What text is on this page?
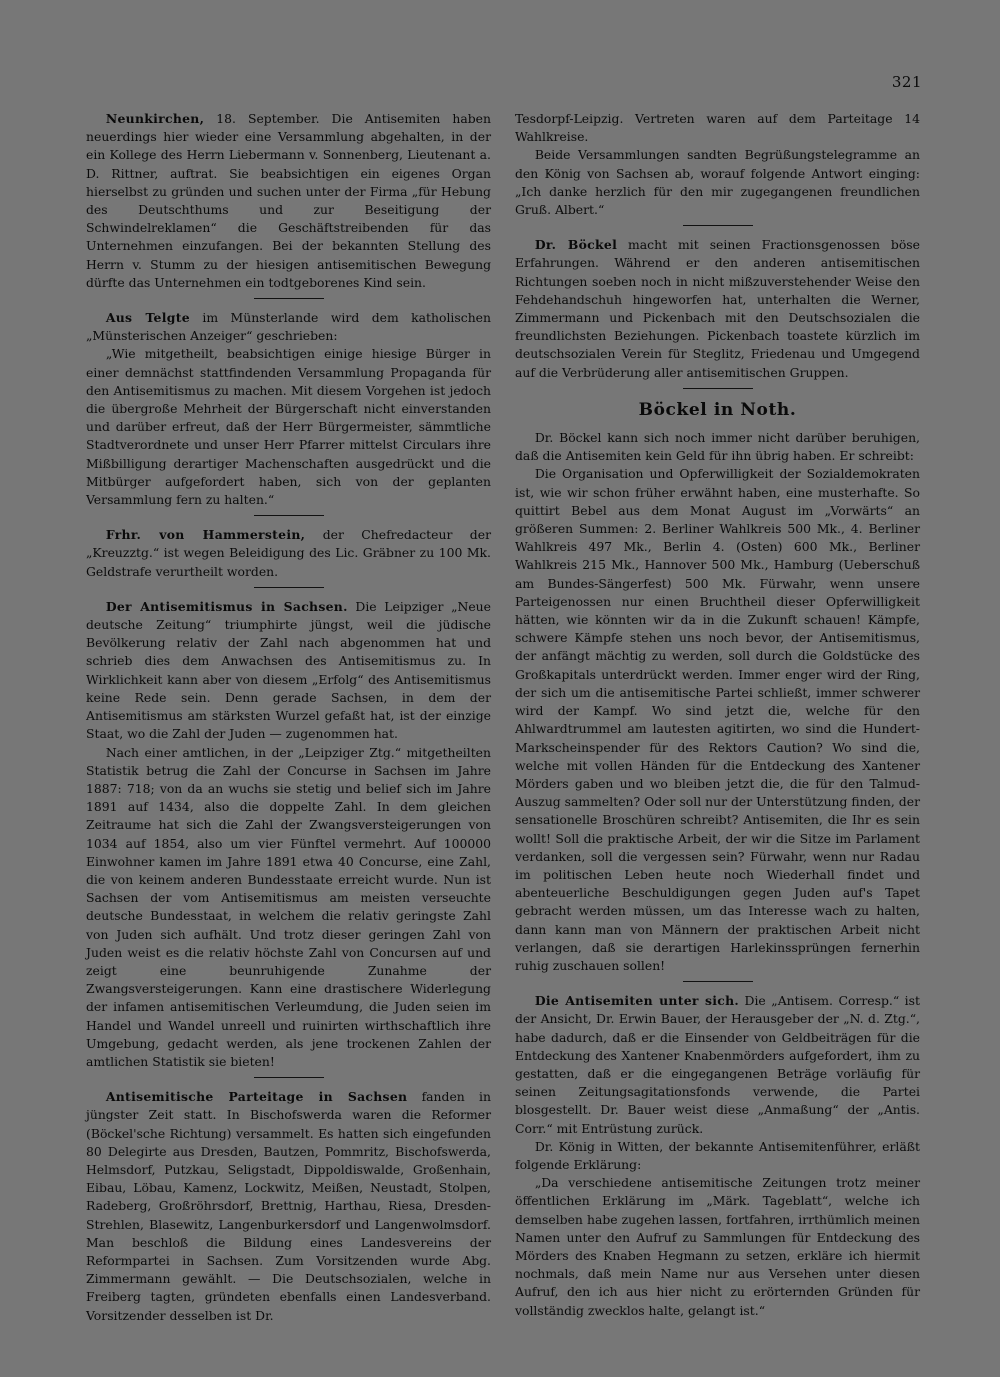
321

Neunkirchen, 18. September. Die Antisemiten haben neuerdings hier wieder eine Versammlung abgehalten, in der ein Kollege des Herrn Liebermann v. Sonnenberg, Lieutenant a. D. Rittner, auftrat. Sie beabsichtigen ein eigenes Organ hierselbst zu gründen und suchen unter der Firma „für Hebung des Deutschthums und zur Beseitigung der Schwindelreklamen“ die Geschäftstreibenden für das Unternehmen einzufangen. Bei der bekannten Stellung des Herrn v. Stumm zu der hiesigen antisemitischen Bewegung dürfte das Unternehmen ein todtgeborenes Kind sein.

Aus Telgte im Münsterlande wird dem katholischen „Münsterischen Anzeiger“ geschrieben:

„Wie mitgetheilt, beabsichtigen einige hiesige Bürger in einer demnächst stattfindenden Versammlung Propaganda für den Antisemitismus zu machen. Mit diesem Vorgehen ist jedoch die übergroße Mehrheit der Bürgerschaft nicht einverstanden und darüber erfreut, daß der Herr Bürgermeister, sämmtliche Stadtverordnete und unser Herr Pfarrer mittelst Circulars ihre Mißbilligung derartiger Machenschaften ausgedrückt und die Mitbürger aufgefordert haben, sich von der geplanten Versammlung fern zu halten.“

Frhr. von Hammerstein, der Chefredacteur der „Kreuzztg.“ ist wegen Beleidigung des Lic. Gräbner zu 100 Mk. Geldstrafe verurtheilt worden.

Der Antisemitismus in Sachsen. Die Leipziger „Neue deutsche Zeitung“ triumphirte jüngst, weil die jüdische Bevölkerung relativ der Zahl nach abgenommen hat und schrieb dies dem Anwachsen des Antisemitismus zu. In Wirklichkeit kann aber von diesem „Erfolg“ des Antisemitismus keine Rede sein. Denn gerade Sachsen, in dem der Antisemitismus am stärksten Wurzel gefaßt hat, ist der einzige Staat, wo die Zahl der Juden — zugenommen hat.

Nach einer amtlichen, in der „Leipziger Ztg.“ mitgetheilten Statistik betrug die Zahl der Concurse in Sachsen im Jahre 1887: 718; von da an wuchs sie stetig und belief sich im Jahre 1891 auf 1434, also die doppelte Zahl. In dem gleichen Zeitraume hat sich die Zahl der Zwangsversteigerungen von 1034 auf 1854, also um vier Fünftel vermehrt. Auf 100000 Einwohner kamen im Jahre 1891 etwa 40 Concurse, eine Zahl, die von keinem anderen Bundesstaate erreicht wurde. Nun ist Sachsen der vom Antisemitismus am meisten verseuchte deutsche Bundesstaat, in welchem die relativ geringste Zahl von Juden sich aufhält. Und trotz dieser geringen Zahl von Juden weist es die relativ höchste Zahl von Concursen auf und zeigt eine beunruhigende Zunahme der Zwangsversteigerungen. Kann eine drastischere Widerlegung der infamen antisemitischen Verleumdung, die Juden seien im Handel und Wandel unreell und ruinirten wirthschaftlich ihre Umgebung, gedacht werden, als jene trockenen Zahlen der amtlichen Statistik sie bieten!

Antisemitische Parteitage in Sachsen fanden in jüngster Zeit statt. In Bischofswerda waren die Reformer (Böckel'sche Richtung) versammelt. Es hatten sich eingefunden 80 Delegirte aus Dresden, Bautzen, Pommritz, Bischofswerda, Helmsdorf, Putzkau, Seligstadt, Dippoldiswalde, Großenhain, Eibau, Löbau, Kamenz, Lockwitz, Meißen, Neustadt, Stolpen, Radeberg, Großröhrsdorf, Brettnig, Harthau, Riesa, Dresden-Strehlen, Blasewitz, Langenburkersdorf und Langenwolmsdorf. Man beschloß die Bildung eines Landesvereins der Reformpartei in Sachsen. Zum Vorsitzenden wurde Abg. Zimmermann gewählt. — Die Deutschsozialen, welche in Freiberg tagten, gründeten ebenfalls einen Landesverband. Vorsitzender desselben ist Dr.

Tesdorpf-Leipzig. Vertreten waren auf dem Parteitage 14 Wahlkreise.

Beide Versammlungen sandten Begrüßungstelegramme an den König von Sachsen ab, worauf folgende Antwort einging: „Ich danke herzlich für den mir zugegangenen freundlichen Gruß. Albert.“

Dr. Böckel macht mit seinen Fractionsgenossen böse Erfahrungen. Während er den anderen antisemitischen Richtungen soeben noch in nicht mißzuverstehender Weise den Fehdehandschuh hingeworfen hat, unterhalten die Werner, Zimmermann und Pickenbach mit den Deutschsozialen die freundlichsten Beziehungen. Pickenbach toastete kürzlich im deutschsozialen Verein für Steglitz, Friedenau und Umgegend auf die Verbrüderung aller antisemitischen Gruppen.

Böckel in Noth.

Dr. Böckel kann sich noch immer nicht darüber beruhigen, daß die Antisemiten kein Geld für ihn übrig haben. Er schreibt:

Die Organisation und Opferwilligkeit der Sozialdemokraten ist, wie wir schon früher erwähnt haben, eine musterhafte. So quittirt Bebel aus dem Monat August im „Vorwärts“ an größeren Summen: 2. Berliner Wahlkreis 500 Mk., 4. Berliner Wahlkreis 497 Mk., Berlin 4. (Osten) 600 Mk., Berliner Wahlkreis 215 Mk., Hannover 500 Mk., Hamburg (Ueberschuß am Bundes-Sängerfest) 500 Mk. Fürwahr, wenn unsere Parteigenossen nur einen Bruchtheil dieser Opferwilligkeit hätten, wie könnten wir da in die Zukunft schauen! Kämpfe, schwere Kämpfe stehen uns noch bevor, der Antisemitismus, der anfängt mächtig zu werden, soll durch die Goldstücke des Großkapitals unterdrückt werden. Immer enger wird der Ring, der sich um die antisemitische Partei schließt, immer schwerer wird der Kampf. Wo sind jetzt die, welche für den Ahlwardtrummel am lautesten agitirten, wo sind die Hundert-Markscheinspender für des Rektors Caution? Wo sind die, welche mit vollen Händen für die Entdeckung des Xantener Mörders gaben und wo bleiben jetzt die, die für den Talmud-Auszug sammelten? Oder soll nur der Unterstützung finden, der sensationelle Broschüren schreibt? Antisemiten, die Ihr es sein wollt! Soll die praktische Arbeit, der wir die Sitze im Parlament verdanken, soll die vergessen sein? Fürwahr, wenn nur Radau im politischen Leben heute noch Wiederhall findet und abenteuerliche Beschuldigungen gegen Juden auf's Tapet gebracht werden müssen, um das Interesse wach zu halten, dann kann man von Männern der praktischen Arbeit nicht verlangen, daß sie derartigen Harlekinssprüngen fernerhin ruhig zuschauen sollen!

Die Antisemiten unter sich. Die „Antisem. Corresp.“ ist der Ansicht, Dr. Erwin Bauer, der Herausgeber der „N. d. Ztg.“, habe dadurch, daß er die Einsender von Geldbeiträgen für die Entdeckung des Xantener Knabenmörders aufgefordert, ihm zu gestatten, daß er die eingegangenen Beträge vorläufig für seinen Zeitungsagitationsfonds verwende, die Partei blosgestellt. Dr. Bauer weist diese „Anmaßung“ der „Antis. Corr.“ mit Entrüstung zurück.

Dr. König in Witten, der bekannte Antisemitenführer, erläßt folgende Erklärung:

„Da verschiedene antisemitische Zeitungen trotz meiner öffentlichen Erklärung im „Märk. Tageblatt“, welche ich demselben habe zugehen lassen, fortfahren, irrthümlich meinen Namen unter den Aufruf zu Sammlungen für Entdeckung des Mörders des Knaben Hegmann zu setzen, erkläre ich hiermit nochmals, daß mein Name nur aus Versehen unter diesen Aufruf, den ich aus hier nicht zu erörternden Gründen für vollständig zwecklos halte, gelangt ist.“
